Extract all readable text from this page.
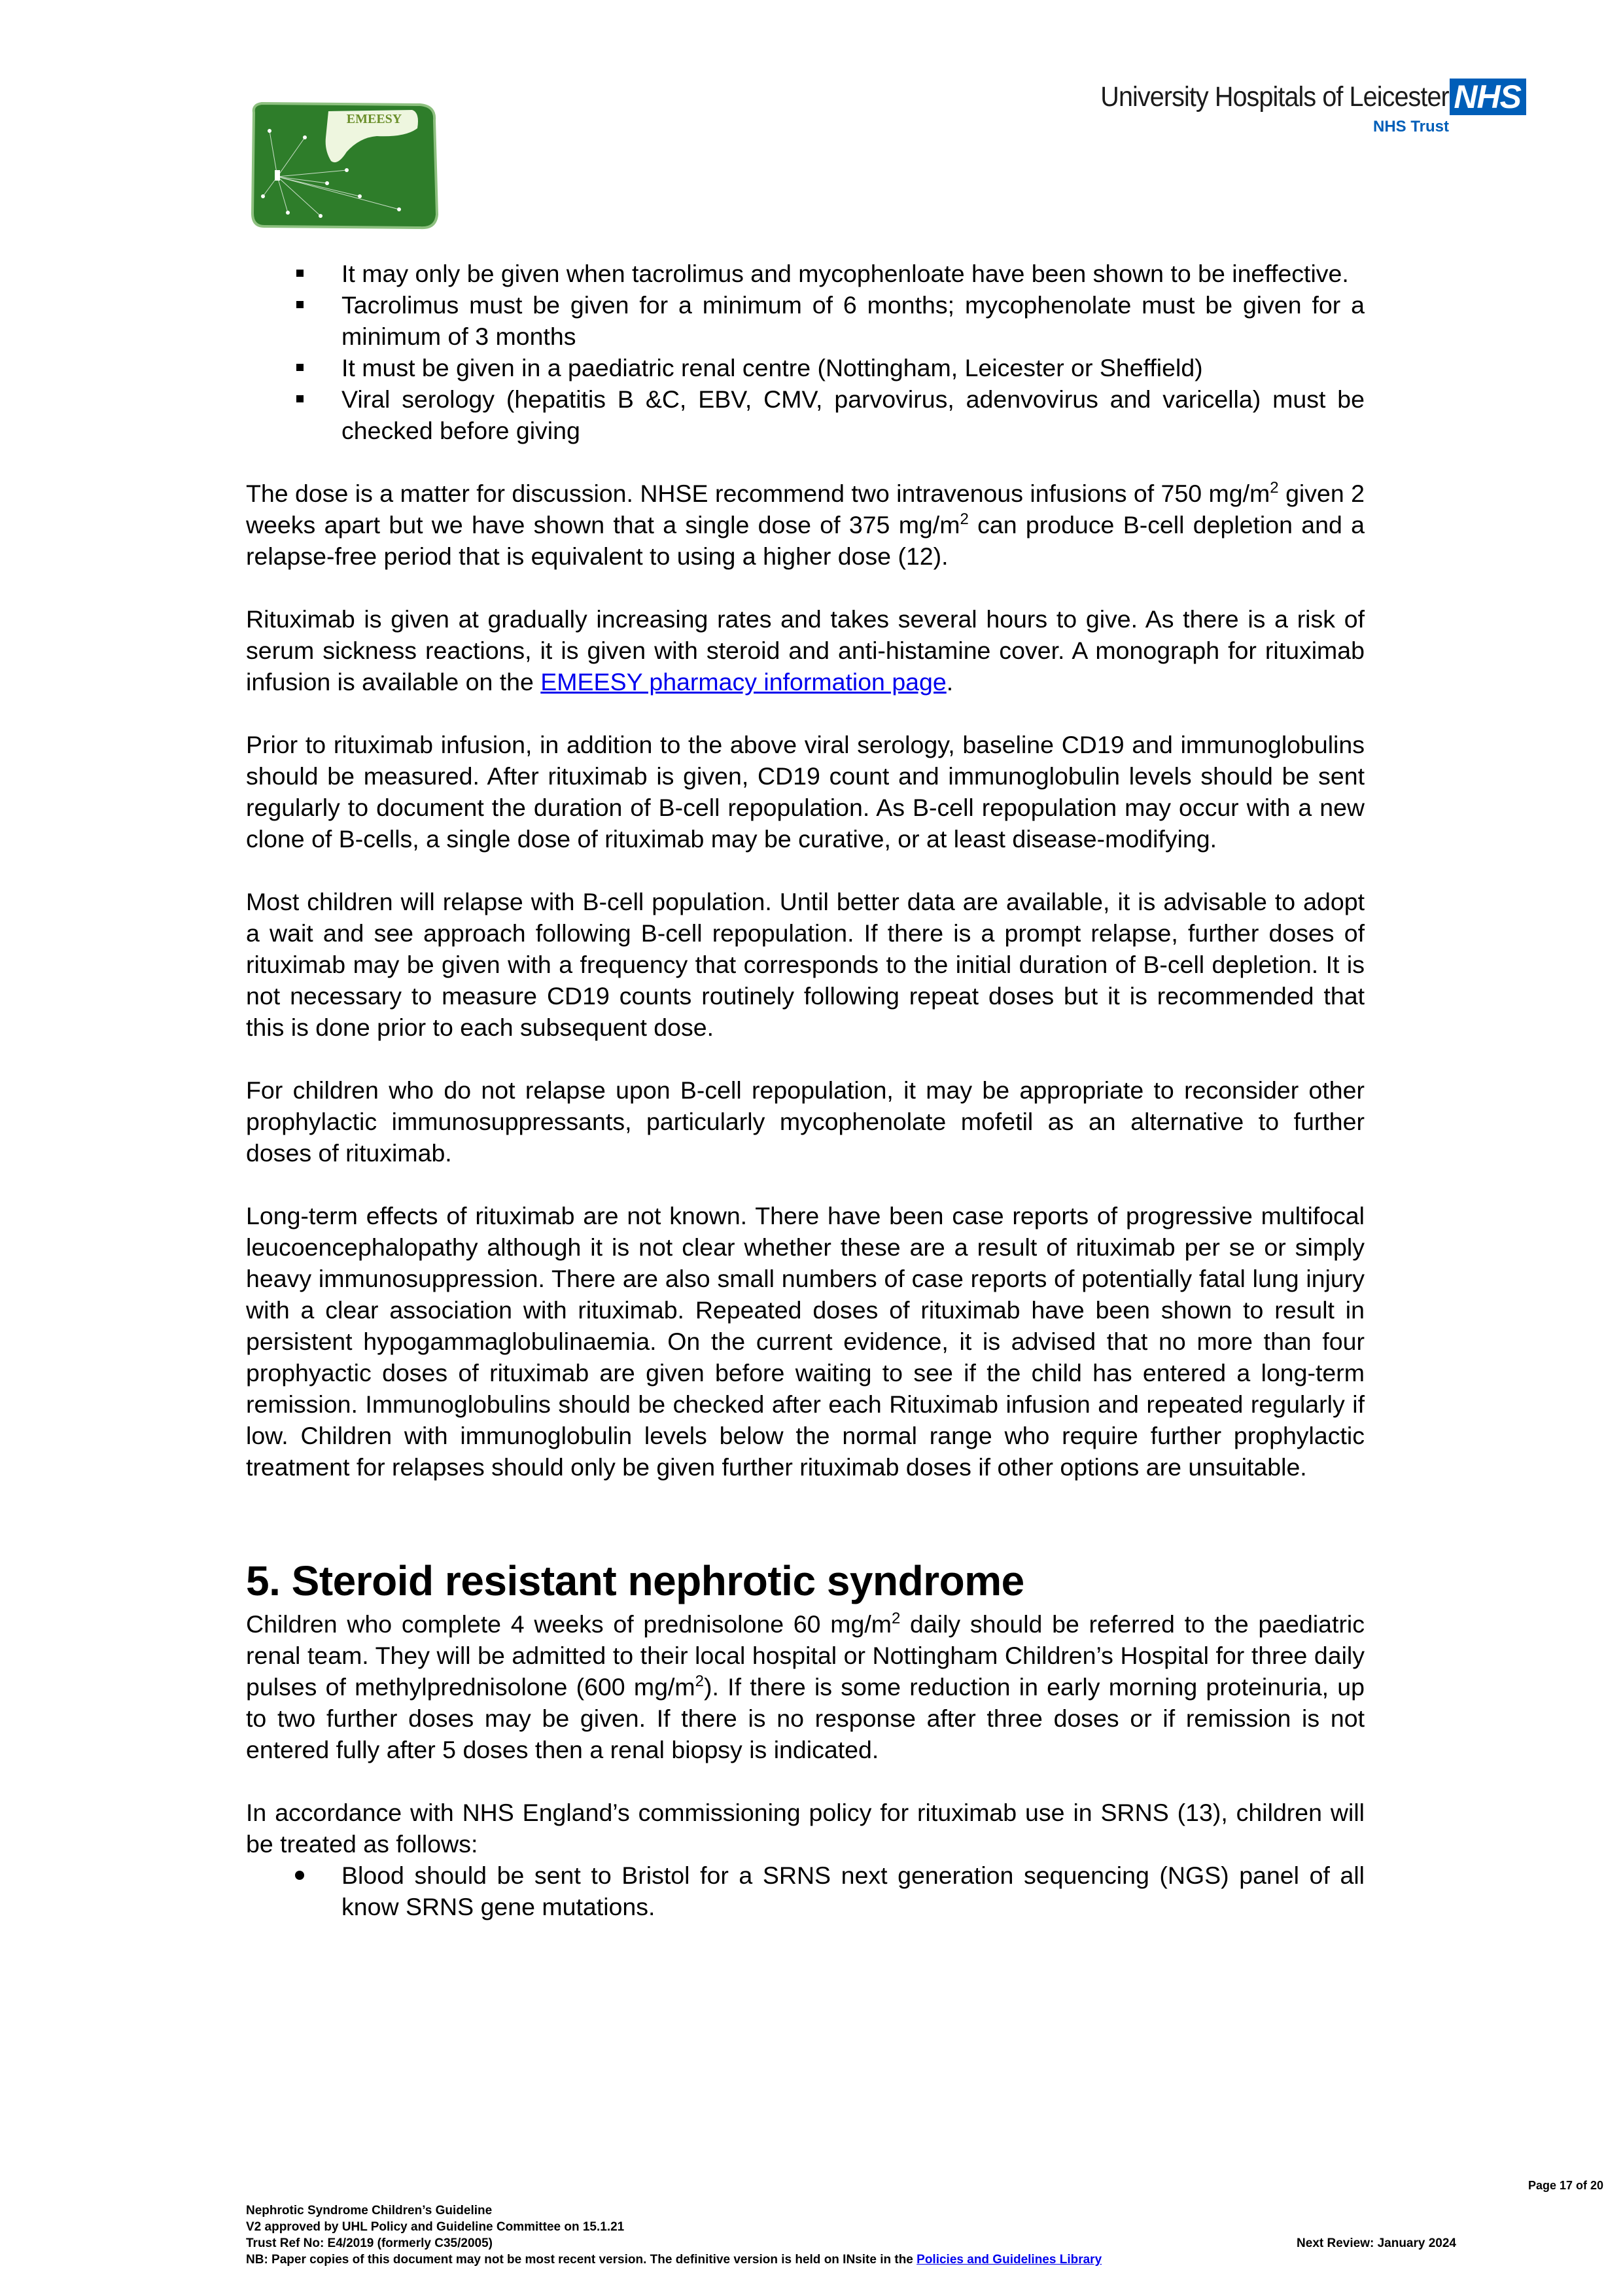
EMEESY
University Hospitals of Leicester NHS
NHS Trust
It may only be given when tacrolimus and mycophenloate have been shown to be ineffective.
Tacrolimus must be given for a minimum of 6 months; mycophenolate must be given for a minimum of 3 months
It must be given in a paediatric renal centre (Nottingham, Leicester or Sheffield)
Viral serology (hepatitis B &C, EBV, CMV, parvovirus, adenvovirus and varicella) must be checked before giving

The dose is a matter for discussion. NHSE recommend two intravenous infusions of 750 $mg/m^2$ given 2 weeks apart but we have shown that a single dose of 375 $mg/m^2$ can produce B-cell depletion and a relapse-free period that is equivalent to using a higher dose (12).

Rituximab is given at gradually increasing rates and takes several hours to give. As there is a risk of serum sickness reactions, it is given with steroid and anti-histamine cover. A monograph for rituximab infusion is available on the EMEESY pharmacy information page.

Prior to rituximab infusion, in addition to the above viral serology, baseline CD19 and immunoglobulins should be measured. After rituximab is given, CD19 count and immunoglobulin levels should be sent regularly to document the duration of B-cell repopulation. As B-cell repopulation may occur with a new clone of B-cells, a single dose of rituximab may be curative, or at least disease-modifying.

Most children will relapse with B-cell population. Until better data are available, it is advisable to adopt a wait and see approach following B-cell repopulation. If there is a prompt relapse, further doses of rituximab may be given with a frequency that corresponds to the initial duration of B-cell depletion. It is not necessary to measure CD19 counts routinely following repeat doses but it is recommended that this is done prior to each subsequent dose.

For children who do not relapse upon B-cell repopulation, it may be appropriate to reconsider other prophylactic immunosuppressants, particularly mycophenolate mofetil as an alternative to further doses of rituximab.

Long-term effects of rituximab are not known. There have been case reports of progressive multifocal leucoencephalopathy although it is not clear whether these are a result of rituximab per se or simply heavy immunosuppression. There are also small numbers of case reports of potentially fatal lung injury with a clear association with rituximab. Repeated doses of rituximab have been shown to result in persistent hypogammaglobulinaemia. On the current evidence, it is advised that no more than four prophyactic doses of rituximab are given before waiting to see if the child has entered a long-term remission. Immunoglobulins should be checked after each Rituximab infusion and repeated regularly if low. Children with immunoglobulin levels below the normal range who require further prophylactic treatment for relapses should only be given further rituximab doses if other options are unsuitable.

5. Steroid resistant nephrotic syndrome

Children who complete 4 weeks of prednisolone 60 $mg/m^2$ daily should be referred to the paediatric renal team. They will be admitted to their local hospital or Nottingham Children’s Hospital for three daily pulses of methylprednisolone (600 $mg/m^2$). If there is some reduction in early morning proteinuria, up to two further doses may be given. If there is no response after three doses or if remission is not entered fully after 5 doses then a renal biopsy is indicated.

In accordance with NHS England’s commissioning policy for rituximab use in SRNS (13), children will be treated as follows:

Blood should be sent to Bristol for a SRNS next generation sequencing (NGS) panel of all know SRNS gene mutations.
Page 17 of 20
Nephrotic Syndrome Children’s Guideline
V2 approved by UHL Policy and Guideline Committee on 15.1.21
Trust Ref No: E4/2019 (formerly C35/2005)	Next Review: January 2024
NB: Paper copies of this document may not be most recent version. The definitive version is held on INsite in the Policies and Guidelines Library
